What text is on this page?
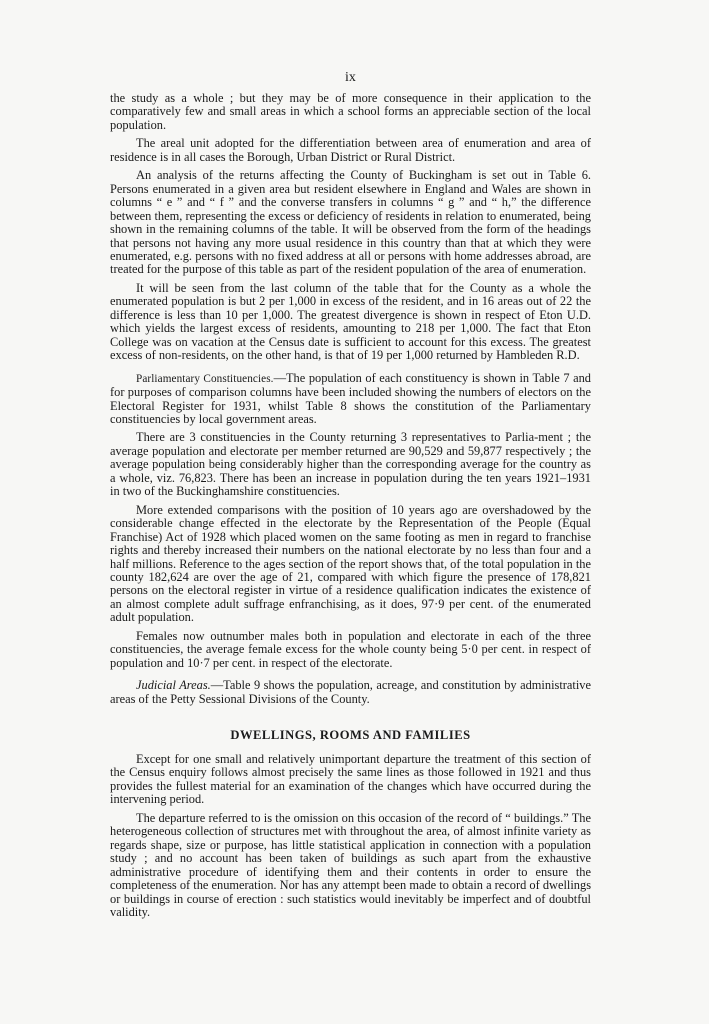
ix

the study as a whole ; but they may be of more consequence in their application to the comparatively few and small areas in which a school forms an appreciable section of the local population.

The areal unit adopted for the differentiation between area of enumeration and area of residence is in all cases the Borough, Urban District or Rural District.

An analysis of the returns affecting the County of Buckingham is set out in Table 6. Persons enumerated in a given area but resident elsewhere in England and Wales are shown in columns “ e ” and “ f ” and the converse transfers in columns “ g ” and “ h,” the difference between them, representing the excess or deficiency of residents in relation to enumerated, being shown in the remaining columns of the table. It will be observed from the form of the headings that persons not having any more usual residence in this country than that at which they were enumerated, e.g. persons with no fixed address at all or persons with home addresses abroad, are treated for the purpose of this table as part of the resident population of the area of enumeration.

It will be seen from the last column of the table that for the County as a whole the enumerated population is but 2 per 1,000 in excess of the resident, and in 16 areas out of 22 the difference is less than 10 per 1,000. The greatest divergence is shown in respect of Eton U.D. which yields the largest excess of residents, amounting to 218 per 1,000. The fact that Eton College was on vacation at the Census date is sufficient to account for this excess. The greatest excess of non-residents, on the other hand, is that of 19 per 1,000 returned by Hambleden R.D.

Parliamentary Constituencies.—The population of each constituency is shown in Table 7 and for purposes of comparison columns have been included showing the numbers of electors on the Electoral Register for 1931, whilst Table 8 shows the constitution of the Parliamentary constituencies by local government areas.

There are 3 constituencies in the County returning 3 representatives to Parlia-ment ; the average population and electorate per member returned are 90,529 and 59,877 respectively ; the average population being considerably higher than the corresponding average for the country as a whole, viz. 76,823. There has been an increase in population during the ten years 1921–1931 in two of the Buckinghamshire constituencies.

More extended comparisons with the position of 10 years ago are overshadowed by the considerable change effected in the electorate by the Representation of the People (Equal Franchise) Act of 1928 which placed women on the same footing as men in regard to franchise rights and thereby increased their numbers on the national electorate by no less than four and a half millions. Reference to the ages section of the report shows that, of the total population in the county 182,624 are over the age of 21, compared with which figure the presence of 178,821 persons on the electoral register in virtue of a residence qualification indicates the existence of an almost complete adult suffrage enfranchising, as it does, 97·9 per cent. of the enumerated adult population.

Females now outnumber males both in population and electorate in each of the three constituencies, the average female excess for the whole county being 5·0 per cent. in respect of population and 10·7 per cent. in respect of the electorate.

Judicial Areas.—Table 9 shows the population, acreage, and constitution by administrative areas of the Petty Sessional Divisions of the County.

DWELLINGS, ROOMS AND FAMILIES

Except for one small and relatively unimportant departure the treatment of this section of the Census enquiry follows almost precisely the same lines as those followed in 1921 and thus provides the fullest material for an examination of the changes which have occurred during the intervening period.

The departure referred to is the omission on this occasion of the record of “ buildings.” The heterogeneous collection of structures met with throughout the area, of almost infinite variety as regards shape, size or purpose, has little statistical application in connection with a population study ; and no account has been taken of buildings as such apart from the exhaustive administrative procedure of identifying them and their contents in order to ensure the completeness of the enumeration. Nor has any attempt been made to obtain a record of dwellings or buildings in course of erection : such statistics would inevitably be imperfect and of doubtful validity.
